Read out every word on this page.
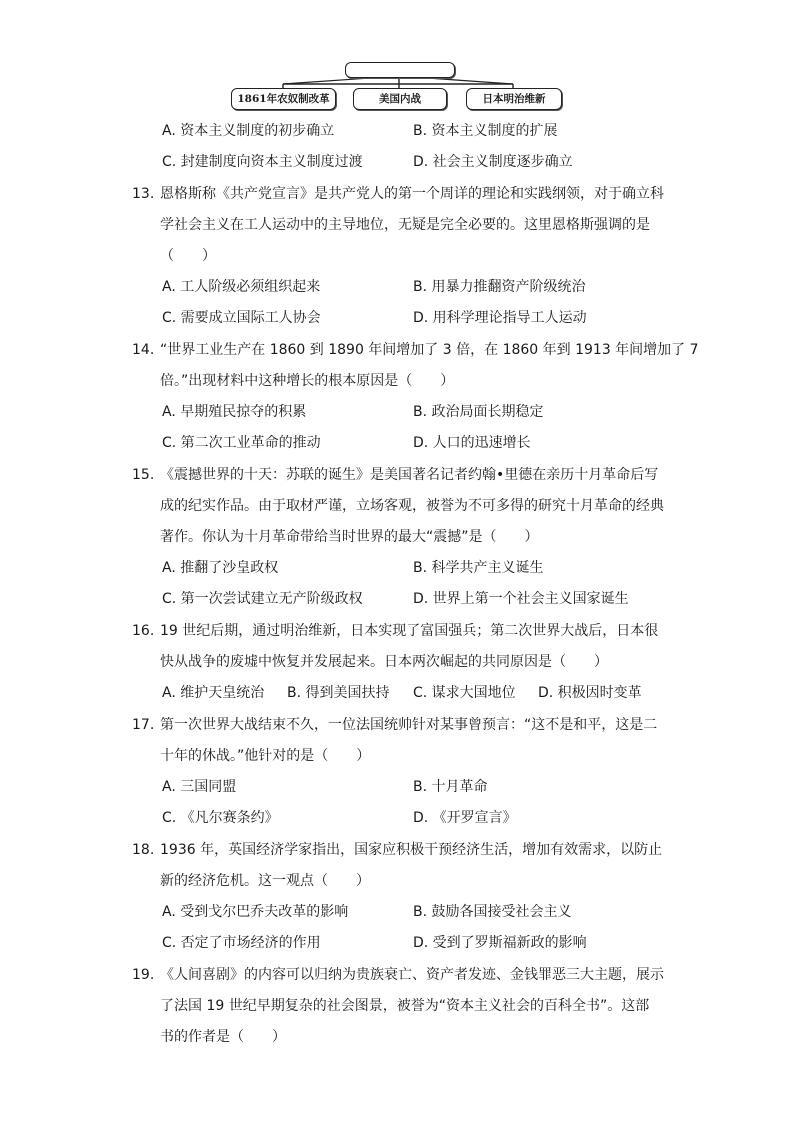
1861年农奴制改革	美国内战	日本明治维新
A. 资本主义制度的初步确立	B. 资本主义制度的扩展
C. 封建制度向资本主义制度过渡	D. 社会主义制度逐步确立
13. 恩格斯称《共产党宣言》是共产党人的第一个周详的理论和实践纲领，对于确立科
学社会主义在工人运动中的主导地位，无疑是完全必要的。这里恩格斯强调的是
（　　）
A. 工人阶级必须组织起来	B. 用暴力推翻资产阶级统治
C. 需要成立国际工人协会	D. 用科学理论指导工人运动
14. “世界工业生产在 1860 到 1890 年间增加了 3 倍，在 1860 年到 1913 年间增加了 7
倍。”出现材料中这种增长的根本原因是（　　）
A. 早期殖民掠夺的积累	B. 政治局面长期稳定
C. 第二次工业革命的推动	D. 人口的迅速增长
15. 《震撼世界的十天：苏联的诞生》是美国著名记者约翰•里德在亲历十月革命后写
成的纪实作品。由于取材严谨，立场客观，被誉为不可多得的研究十月革命的经典
著作。你认为十月革命带给当时世界的最大“震撼”是（　　）
A. 推翻了沙皇政权	B. 科学共产主义诞生
C. 第一次尝试建立无产阶级政权	D. 世界上第一个社会主义国家诞生
16. 19 世纪后期，通过明治维新，日本实现了富国强兵；第二次世界大战后，日本很
快从战争的废墟中恢复并发展起来。日本两次崛起的共同原因是（　　）
A. 维护天皇统治 B. 得到美国扶持 C. 谋求大国地位 D. 积极因时变革
17. 第一次世界大战结束不久，一位法国统帅针对某事曾预言：“这不是和平，这是二
十年的休战。”他针对的是（　　）
A. 三国同盟	B. 十月革命
C. 《凡尔赛条约》	D. 《开罗宣言》
18. 1936 年，英国经济学家指出，国家应积极干预经济生活，增加有效需求，以防止
新的经济危机。这一观点（　　）
A. 受到戈尔巴乔夫改革的影响	B. 鼓励各国接受社会主义
C. 否定了市场经济的作用	D. 受到了罗斯福新政的影响
19. 《人间喜剧》的内容可以归纳为贵族衰亡、资产者发迹、金钱罪恶三大主题，展示
了法国 19 世纪早期复杂的社会图景，被誉为“资本主义社会的百科全书”。这部
书的作者是（　　）
